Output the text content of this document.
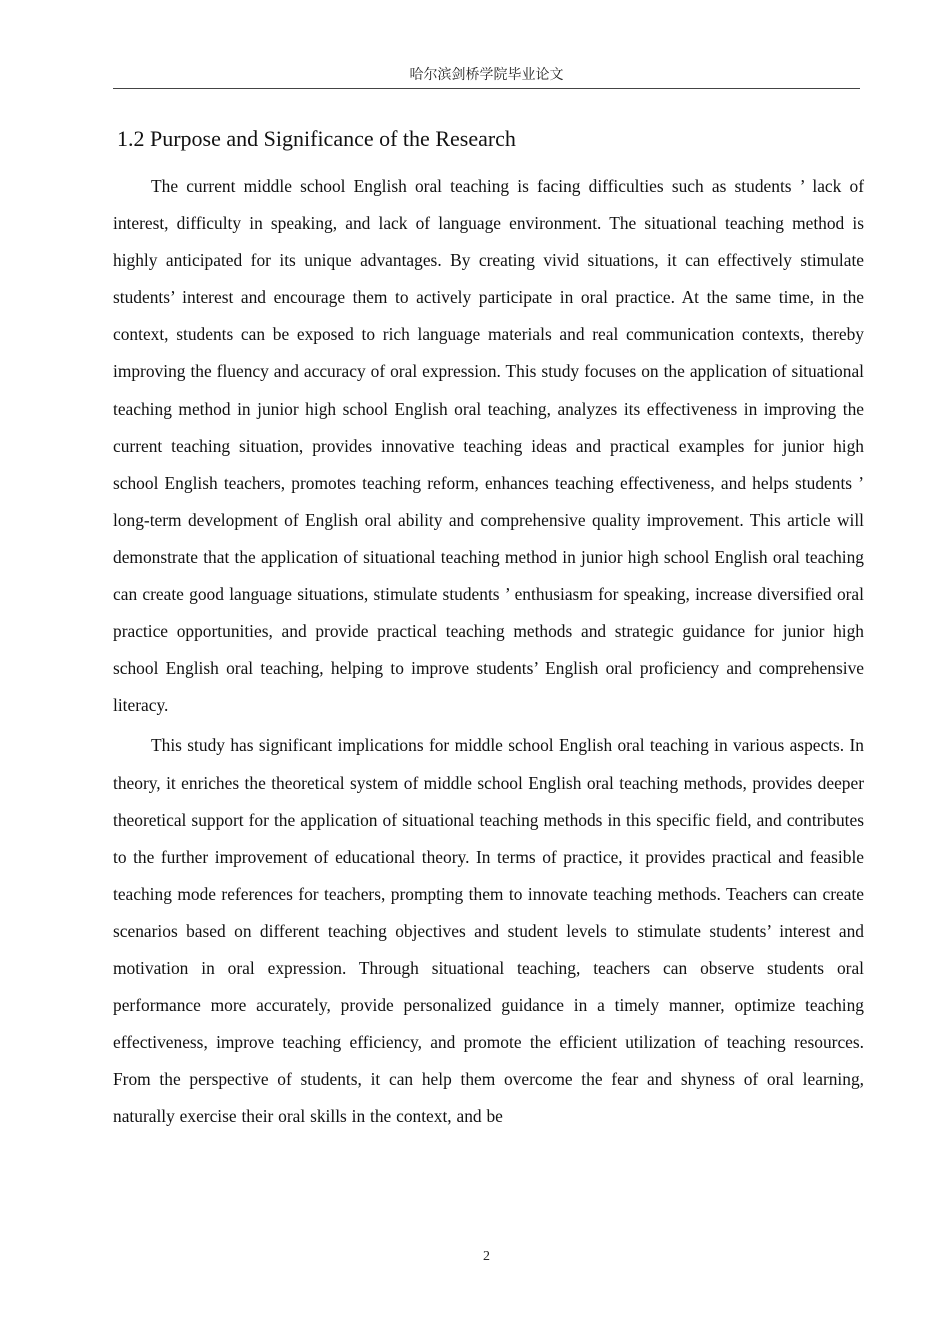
哈尔滨剑桥学院毕业论文
1.2 Purpose and Significance of the Research

The current middle school English oral teaching is facing difficulties such as students ’ lack of interest, difficulty in speaking, and lack of language environment. The situational teaching method is highly anticipated for its unique advantages. By creating vivid situations, it can effectively stimulate students’ interest and encourage them to actively participate in oral practice. At the same time, in the context, students can be exposed to rich language materials and real communication contexts, thereby improving the fluency and accuracy of oral expression. This study focuses on the application of situational teaching method in junior high school English oral teaching, analyzes its effectiveness in improving the current teaching situation, provides innovative teaching ideas and practical examples for junior high school English teachers, promotes teaching reform, enhances teaching effectiveness, and helps students ’ long-term development of English oral ability and comprehensive quality improvement. This article will demonstrate that the application of situational teaching method in junior high school English oral teaching can create good language situations, stimulate students ’ enthusiasm for speaking, increase diversified oral practice opportunities, and provide practical teaching methods and strategic guidance for junior high school English oral teaching, helping to improve students’ English oral proficiency and comprehensive literacy.

This study has significant implications for middle school English oral teaching in various aspects. In theory, it enriches the theoretical system of middle school English oral teaching methods, provides deeper theoretical support for the application of situational teaching methods in this specific field, and contributes to the further improvement of educational theory. In terms of practice, it provides practical and feasible teaching mode references for teachers, prompting them to innovate teaching methods. Teachers can create scenarios based on different teaching objectives and student levels to stimulate students’ interest and motivation in oral expression. Through situational teaching, teachers can observe students oral performance more accurately, provide personalized guidance in a timely manner, optimize teaching effectiveness, improve teaching efficiency, and promote the efficient utilization of teaching resources. From the perspective of students, it can help them overcome the fear and shyness of oral learning, naturally exercise their oral skills in the context, and be

2
